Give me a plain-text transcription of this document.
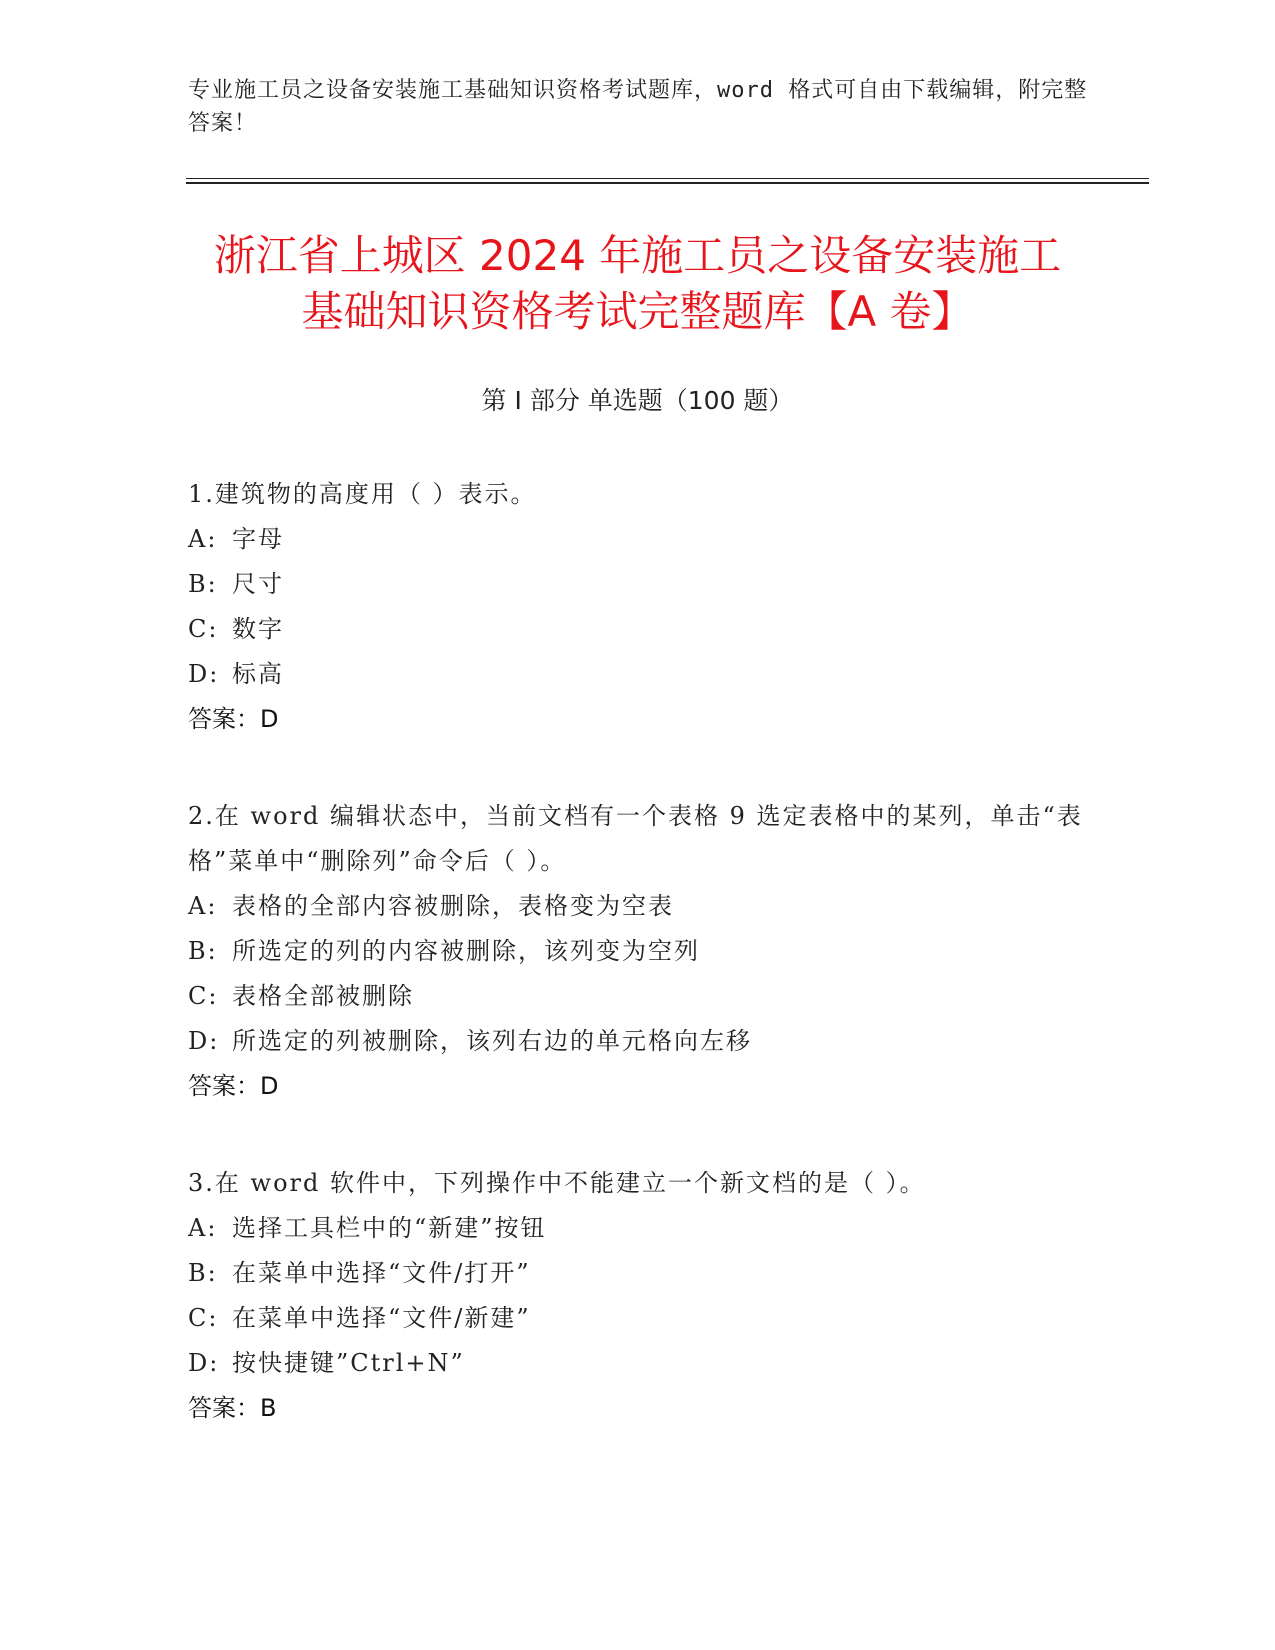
专业施工员之设备安装施工基础知识资格考试题库，word 格式可自由下载编辑，附完整答案！
浙江省上城区 2024 年施工员之设备安装施工
基础知识资格考试完整题库【A 卷】
第 I 部分 单选题（100 题）
1.建筑物的高度用（ ）表示。
A: 字母
B: 尺寸
C: 数字
D: 标高
答案：D
2.在 word 编辑状态中，当前文档有一个表格 9 选定表格中的某列，单击“表格”菜单中“删除列”命令后（ ）。
A: 表格的全部内容被删除，表格变为空表
B: 所选定的列的内容被删除，该列变为空列
C: 表格全部被删除
D: 所选定的列被删除，该列右边的单元格向左移
答案：D
3.在 word 软件中，下列操作中不能建立一个新文档的是（ ）。
A: 选择工具栏中的“新建”按钮
B: 在菜单中选择“文件/打开”
C: 在菜单中选择“文件/新建”
D: 按快捷键”Ctrl+N”
答案：B
